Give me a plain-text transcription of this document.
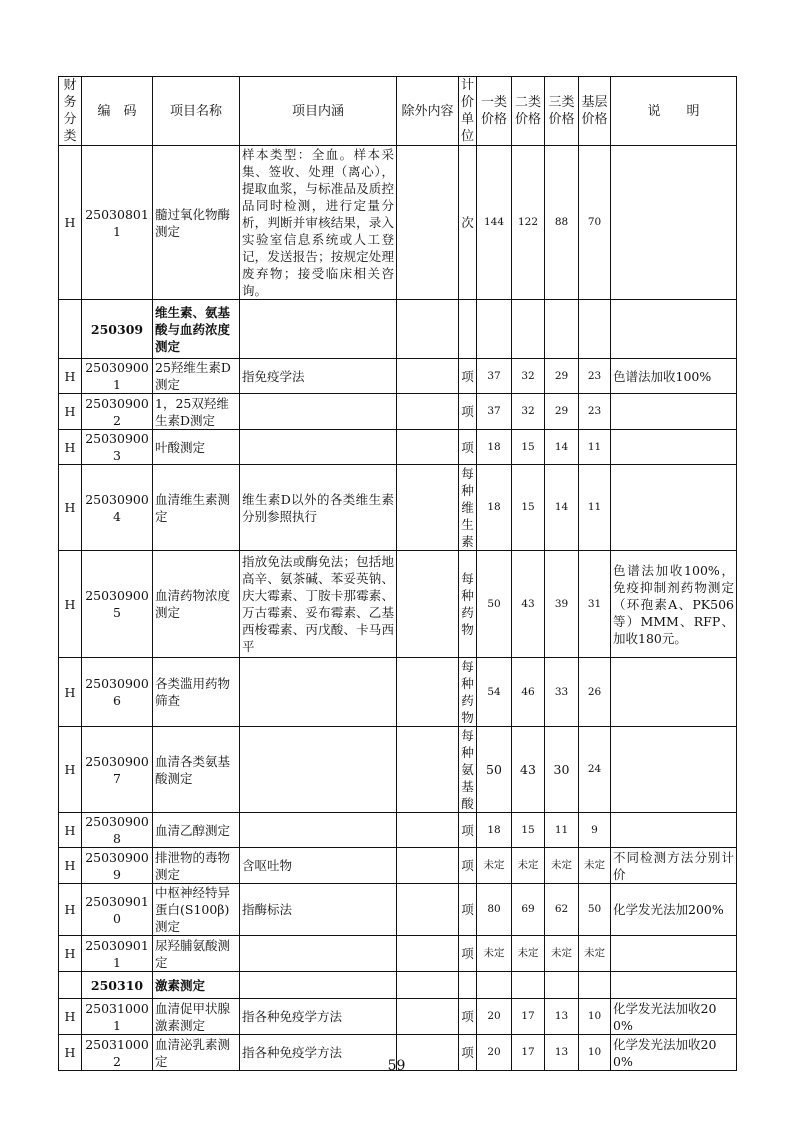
财务分类	编　码	项目名称	项目内涵	除外内容	计价单位	一类价格	二类价格	三类价格	基层价格	说　　明
H	250308011	髓过氧化物酶测定	样本类型：全血。样本采集、签收、处理（离心），提取血浆，与标准品及质控品同时检测，进行定量分析，判断并审核结果，录入实验室信息系统或人工登记，发送报告；按规定处理废弃物；接受临床相关咨询。		次	144	122	88	70	
	250309	维生素、氨基酸与血药浓度测定								
H	250309001	25羟维生素D测定	指免疫学法		项	37	32	29	23	色谱法加收100%
H	250309002	1，25双羟维生素D测定			项	37	32	29	23	
H	250309003	叶酸测定			项	18	15	14	11	
H	250309004	血清维生素测定	维生素D以外的各类维生素分别参照执行		每种维生素	18	15	14	11	
H	250309005	血清药物浓度测定	指放免法或酶免法；包括地高辛、氨茶碱、苯妥英钠、庆大霉素、丁胺卡那霉素、万古霉素、妥布霉素、乙基西梭霉素、丙戊酸、卡马西平		每种药物	50	43	39	31	色谱法加收100%，免疫抑制剂药物测定（环孢素A、PK506等）MMM、RFP、加收180元。
H	250309006	各类滥用药物筛查			每种药物	54	46	33	26	
H	250309007	血清各类氨基酸测定			每种氨基酸	50	43	30	24	
H	250309008	血清乙醇测定			项	18	15	11	9	
H	250309009	排泄物的毒物测定	含呕吐物		项	未定	未定	未定	未定	不同检测方法分别计价
H	250309010	中枢神经特异蛋白(S100β)测定	指酶标法		项	80	69	62	50	化学发光法加200%
H	250309011	尿羟脯氨酸测定			项	未定	未定	未定	未定	
	250310	激素测定								
H	250310001	血清促甲状腺激素测定	指各种免疫学方法		项	20	17	13	10	化学发光法加收200%
H	250310002	血清泌乳素测定	指各种免疫学方法		项	20	17	13	10	化学发光法加收200%
59
